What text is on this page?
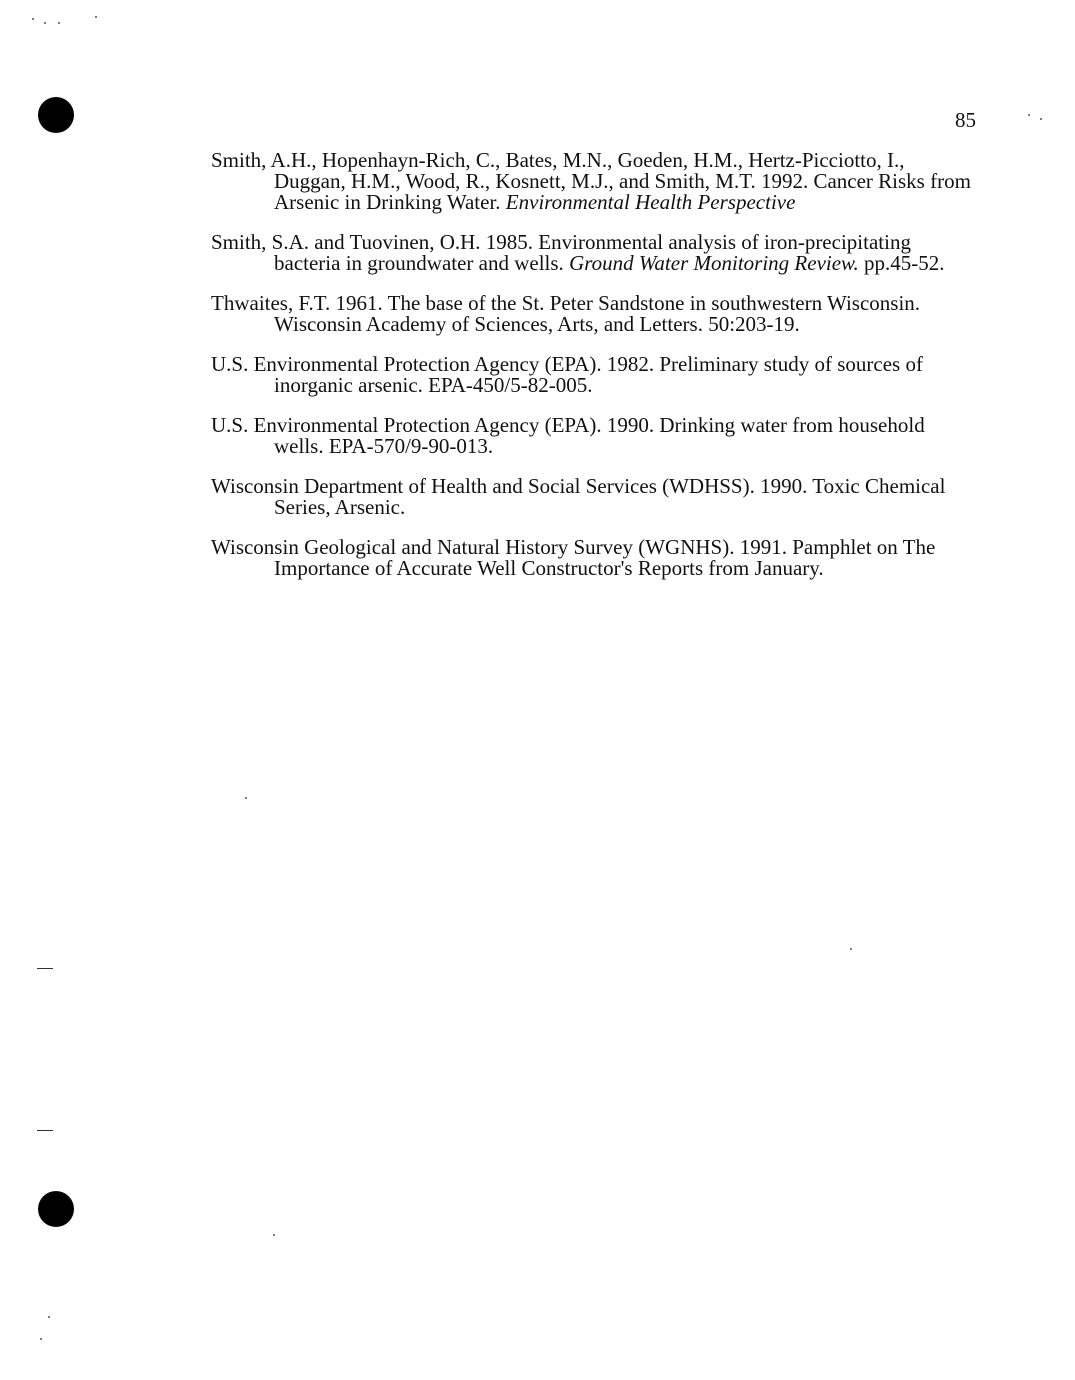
85

Smith, A.H., Hopenhayn-Rich, C., Bates, M.N., Goeden, H.M., Hertz-Picciotto, I., Duggan, H.M., Wood, R., Kosnett, M.J., and Smith, M.T. 1992. Cancer Risks from Arsenic in Drinking Water. Environmental Health Perspective

Smith, S.A. and Tuovinen, O.H. 1985. Environmental analysis of iron-precipitating bacteria in groundwater and wells. Ground Water Monitoring Review. pp.45-52.

Thwaites, F.T. 1961. The base of the St. Peter Sandstone in southwestern Wisconsin. Wisconsin Academy of Sciences, Arts, and Letters. 50:203-19.

U.S. Environmental Protection Agency (EPA). 1982. Preliminary study of sources of inorganic arsenic. EPA-450/5-82-005.

U.S. Environmental Protection Agency (EPA). 1990. Drinking water from household wells. EPA-570/9-90-013.

Wisconsin Department of Health and Social Services (WDHSS). 1990. Toxic Chemical Series, Arsenic.

Wisconsin Geological and Natural History Survey (WGNHS). 1991. Pamphlet on The Importance of Accurate Well Constructor's Reports from January.
